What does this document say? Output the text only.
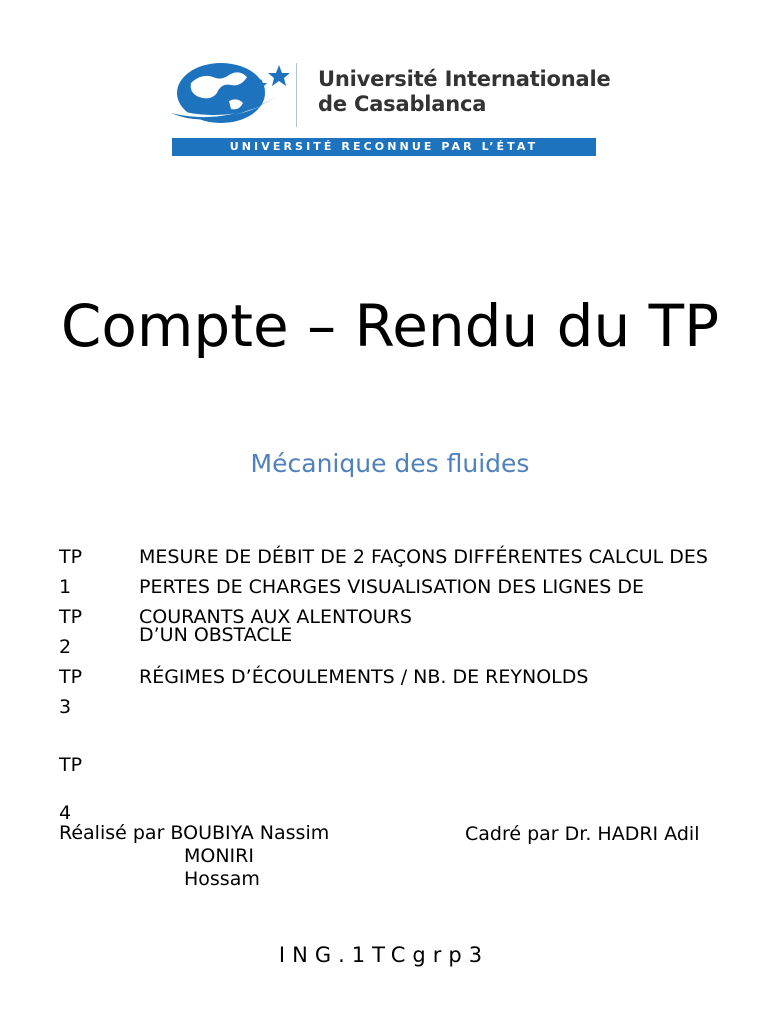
Université Internationale
de Casablanca
UNIVERSITÉ RECONNUE PAR L’ÉTAT
Compte – Rendu du TP
Mécanique des fluides
TP
1
TP
2
TP
3
TP
4
MESURE DE DÉBIT DE 2 FAÇONS DIFFÉRENTES CALCUL DES PERTES DE CHARGES VISUALISATION DES LIGNES DE COURANTS AUX ALENTOURS
D’UN OBSTACLE
RÉGIMES D’ÉCOULEMENTS / NB. DE REYNOLDS
Réalisé par BOUBIYA Nassim
MONIRI
Hossam
Cadré par Dr. HADRI Adil
ING.1TCgrp3
